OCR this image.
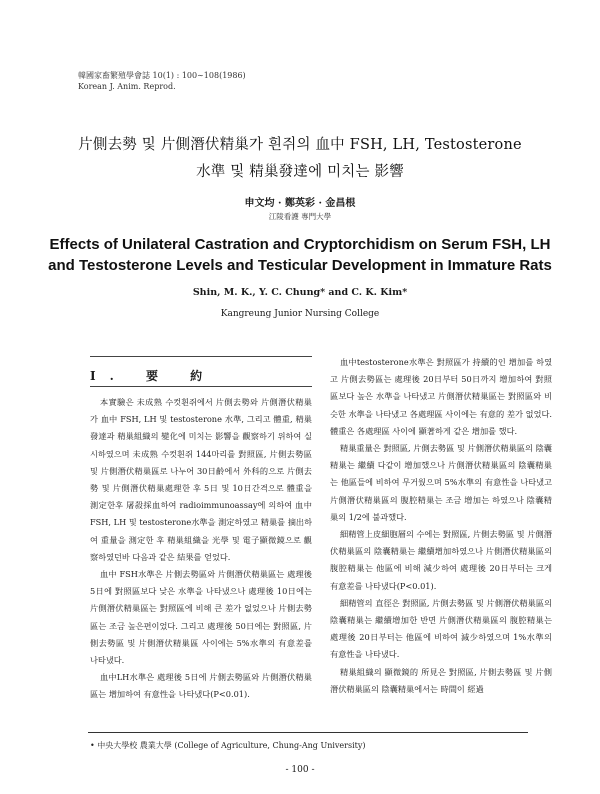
韓國家畜繁殖學會誌 10(1) : 100∼108(1986)
Korean J. Anim. Reprod.
片側去勢 및 片側潛伏精巢가 흰쥐의 血中 FSH, LH, Testosterone
水準 및 精巢發達에 미치는 影響
申文均 · 鄭英彩 · 金昌根
江陵看護 專門大學
Effects of Unilateral Castration and Cryptorchidism on Serum FSH, LH
and Testosterone Levels and Testicular Development in Immature Rats
Shin, M. K., Y. C. Chung* and C. K. Kim*
Kangreung Junior Nursing College
I. 要 約

本實驗은 未成熟 수컷흰쥐에서 片側去勢와 片側潛伏精巢가 血中 FSH, LH 및 testosterone 水準, 그리고 體重, 精巢發達과 精巢組織의 變化에 미치는 影響을 觀察하기 위하여 실시하였으며 未成熟 수컷흰쥐 144마리를 對照區, 片側去勢區 및 片側潛伏精巢區로 나누어 30日齡에서 外科的으로 片側去勢 및 片側潛伏精巢處理한 후 5日 및 10日간격으로 體重을 測定한후 屠殺採血하여 radioimmunoassay에 의하여 血中 FSH, LH 및 testosterone水準을 測定하였고 精巢를 摘出하여 重量을 測定한 후 精巢組織을 光學 및 電子顯微鏡으로 觀察하였던바 다음과 같은 結果를 얻었다.

血中 FSH水準은 片側去勢區와 片側潛伏精巢區는 處理後 5日에 對照區보다 낮은 水準을 나타냈으나 處理後 10日에는 片側潛伏精巢區는 對照區에 비해 큰 差가 없었으나 片側去勢區는 조금 높은편이었다. 그리고 處理後 50日에는 對照區, 片側去勢區 및 片側潛伏精巢區 사이에는 5%水準의 有意差를 나타냈다.

血中LH水準은 處理後 5日에 片側去勢區와 片側潛伏精巢區는 增加하여 有意性을 나타냈다(P<0.01).

血中testosterone水準은 對照區가 持續的인 增加를 하였고 片側去勢區는 處理後 20日부터 50日까지 增加하여 對照區보다 높은 水準을 나타냈고 片側潛伏精巢區는 對照區와 비슷한 水準을 나타냈고 各處理區 사이에는 有意的 差가 없었다. 體重은 各處理區 사이에 顯著하게 같은 增加를 했다.

精巢重量은 對照區, 片側去勢區 및 片側潛伏精巢區의 陰囊精巢는 繼續 다같이 增加했으나 片側潛伏精巢區의 陰囊精巢는 他區들에 비하여 무거웠으며 5%水準의 有意性을 나타냈고 片側潛伏精巢區의 腹腔精巢는 조금 增加는 하였으나 陰囊精巢의 1/2에 불과했다.

細精管上皮細胞層의 수에는 對照區, 片側去勢區 및 片側潛伏精巢區의 陰囊精巢는 繼續增加하였으나 片側潛伏精巢區의 腹腔精巢는 他區에 비해 減少하여 處理後 20日부터는 크게 有意差를 나타냈다(P<0.01).

細精管의 直徑은 對照區, 片側去勢區 및 片側潛伏精巢區의 陰囊精巢는 繼續增加한 반면 片側潛伏精巢區의 腹腔精巢는 處理後 20日부터는 他區에 비하여 減少하였으며 1%水準의 有意性을 나타냈다.

精巢組織의 顯微鏡的 所見은 對照區, 片側去勢區 및 片側潛伏精巢區의 陰囊精巢에서는 時間이 經過

• 中央大學校 農業大學 (College of Agriculture, Chung-Ang University)
- 100 -
